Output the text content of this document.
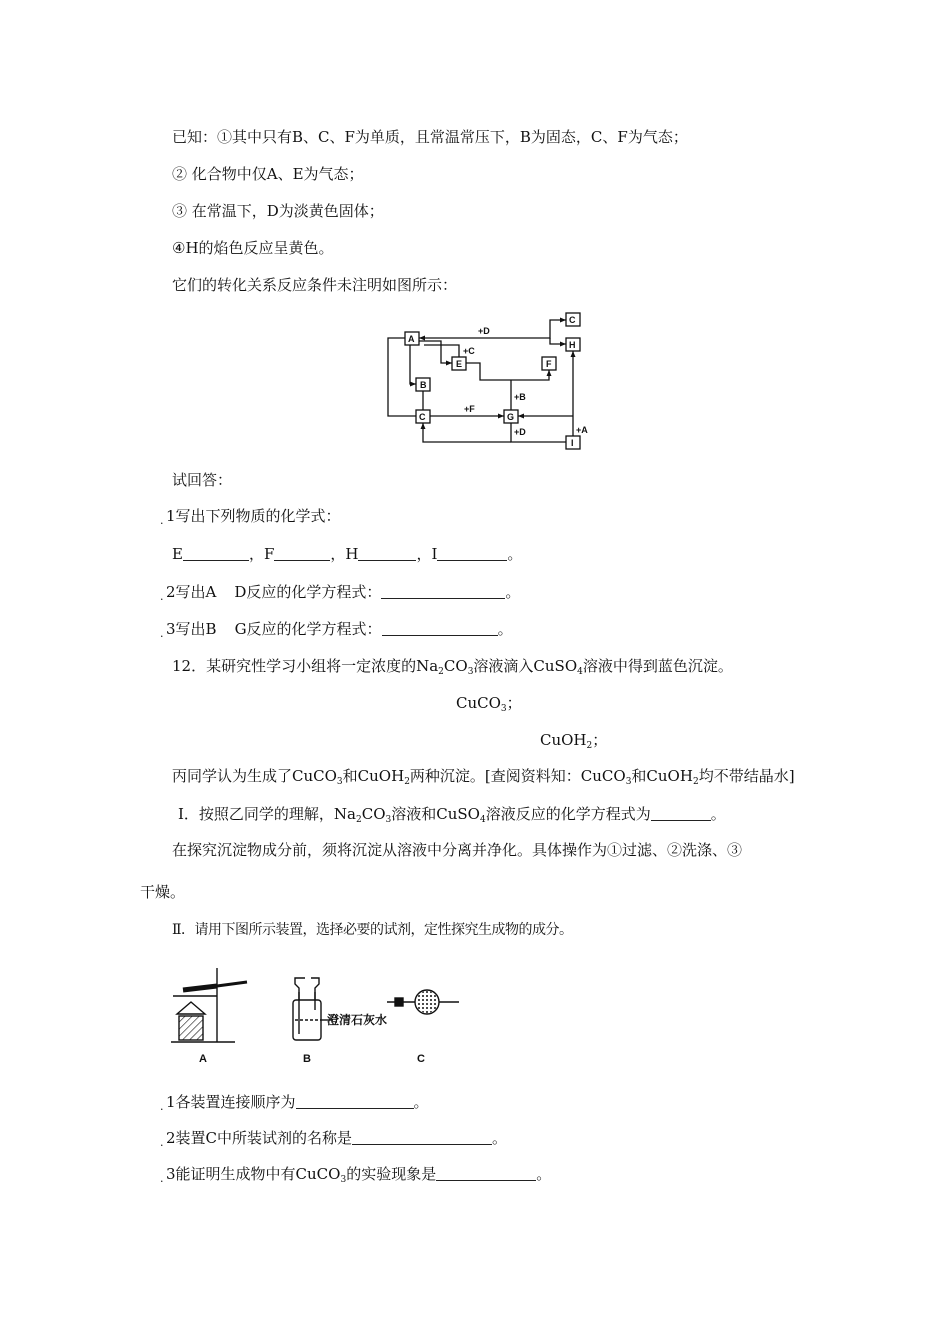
已知：①其中只有B、C、F为单质，且常温常压下，B为固态，C、F为气态；
② 化合物中仅A、E为气态；
③ 在常温下，D为淡黄色固体；
④H的焰色反应呈黄色。
它们的转化关系反应条件未注明如图所示：
A
B
C
E	F
G
H
I
C
+D
+C
+F
+B
+D	+A
试回答：
. 1写出下列物质的化学式：
E	，F	，H	，I	。
. 2写出A D反应的化学方程式：	。
. 3写出B G反应的化学方程式：	。
12．某研究性学习小组将一定浓度的$Na_2CO_3$溶液滴入CuSO$_4$溶液中得到蓝色沉淀。
CuCO$_3$；
CuOH$_2$；
丙同学认为生成了CuCO$_3$和CuOH$_2$两种沉淀。[查阅资料知：CuCO$_3$和CuOH$_2$均不带结晶水]
Ⅰ．按照乙同学的理解，$Na_2CO_3$溶液和CuSO$_4$溶液反应的化学方程式为	。
在探究沉淀物成分前，须将沉淀从溶液中分离并净化。具体操作为①过滤、②洗涤、③
干燥。
Ⅱ．请用下图所示装置，选择必要的试剂，定性探究生成物的成分。
A	B	C
澄清石灰水
. 1各装置连接顺序为	。
. 2装置C中所装试剂的名称是	。
. 3能证明生成物中有CuCO$_3$的实验现象是	。
